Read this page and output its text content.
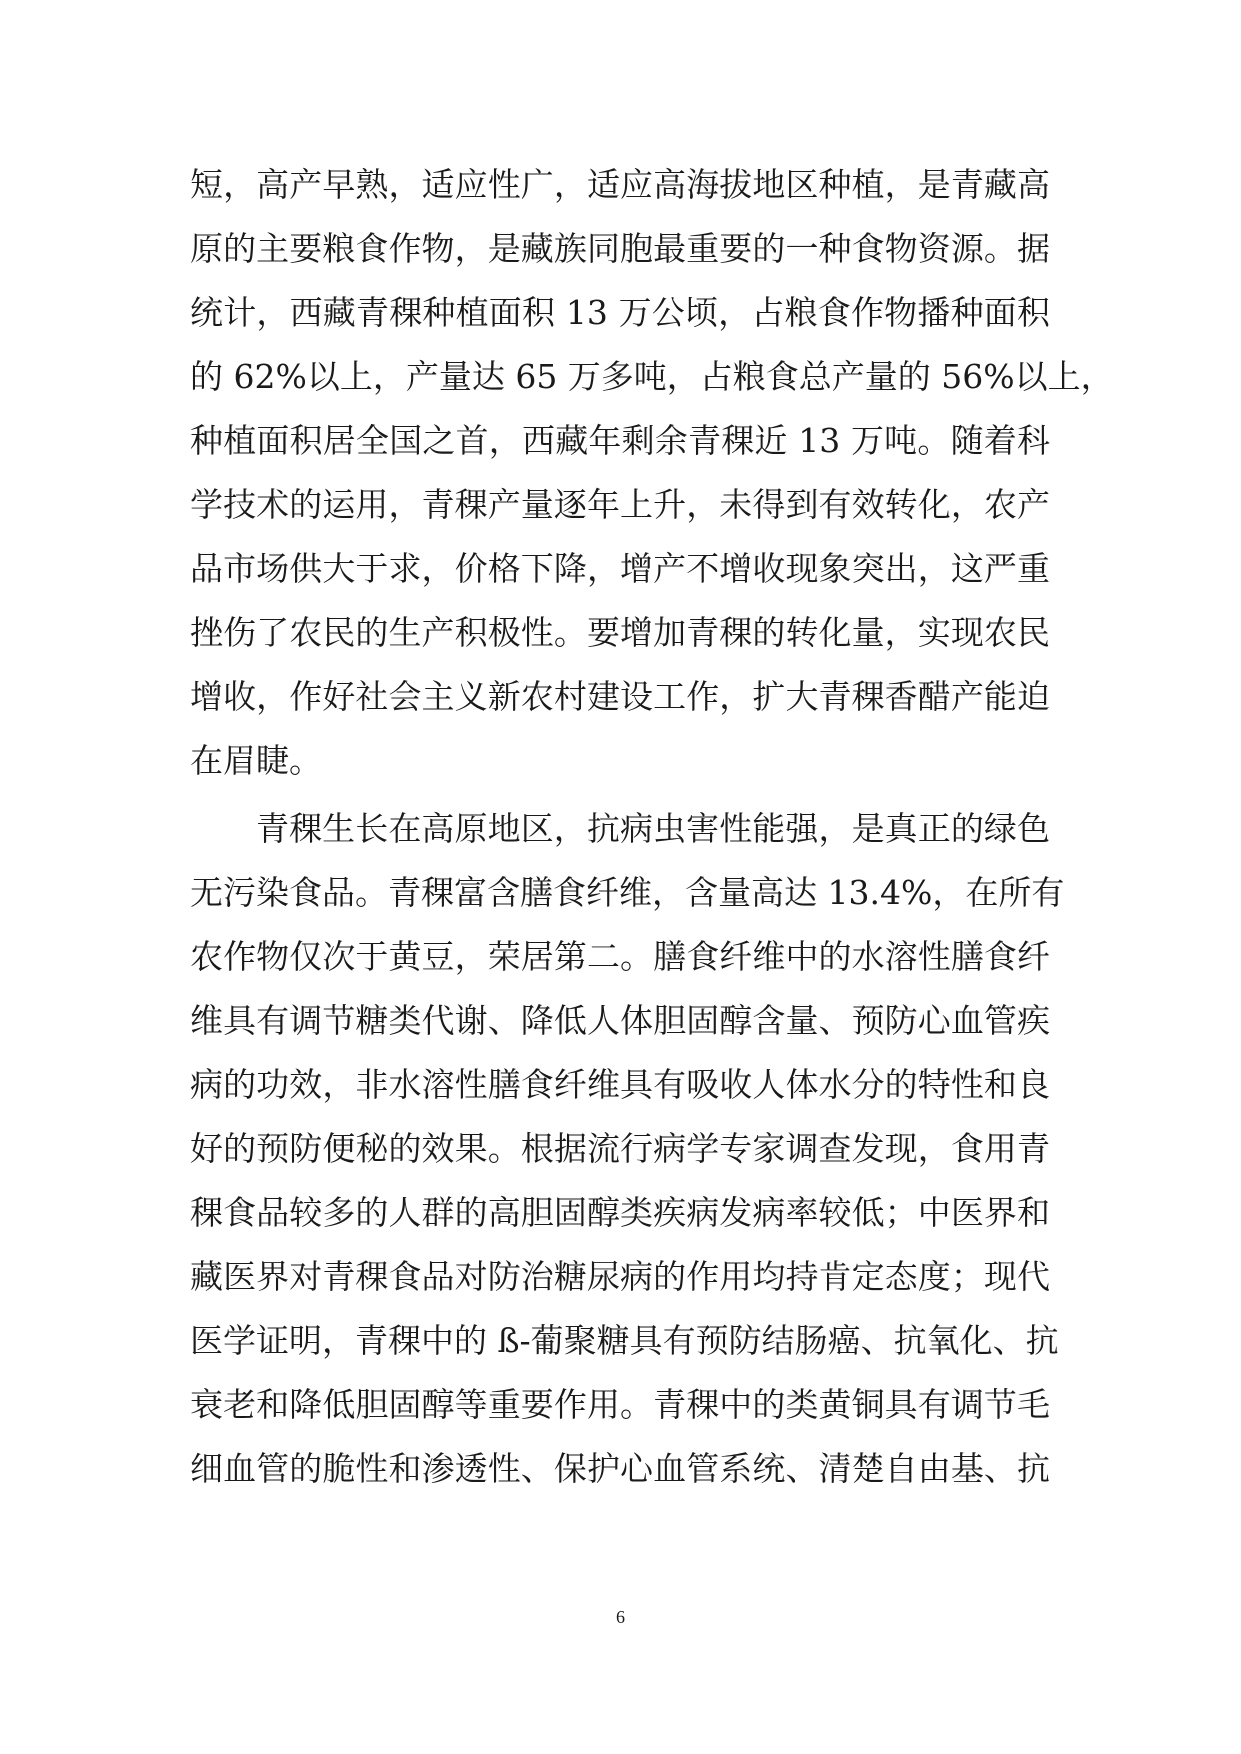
短，高产早熟，适应性广，适应高海拔地区种植，是青藏高
原的主要粮食作物，是藏族同胞最重要的一种食物资源。据
统计，西藏青稞种植面积 13 万公顷，占粮食作物播种面积
的 62%以上，产量达 65 万多吨，占粮食总产量的 56%以上，
种植面积居全国之首，西藏年剩余青稞近 13 万吨。随着科
学技术的运用，青稞产量逐年上升，未得到有效转化，农产
品市场供大于求，价格下降，增产不增收现象突出，这严重
挫伤了农民的生产积极性。要增加青稞的转化量，实现农民
增收，作好社会主义新农村建设工作，扩大青稞香醋产能迫
在眉睫。
青稞生长在高原地区，抗病虫害性能强，是真正的绿色
无污染食品。青稞富含膳食纤维，含量高达 13.4%，在所有
农作物仅次于黄豆，荣居第二。膳食纤维中的水溶性膳食纤
维具有调节糖类代谢、降低人体胆固醇含量、预防心血管疾
病的功效，非水溶性膳食纤维具有吸收人体水分的特性和良
好的预防便秘的效果。根据流行病学专家调查发现，食用青
稞食品较多的人群的高胆固醇类疾病发病率较低；中医界和
藏医界对青稞食品对防治糖尿病的作用均持肯定态度；现代
医学证明，青稞中的 ß-葡聚糖具有预防结肠癌、抗氧化、抗
衰老和降低胆固醇等重要作用。青稞中的类黄铜具有调节毛
细血管的脆性和渗透性、保护心血管系统、清楚自由基、抗
6
